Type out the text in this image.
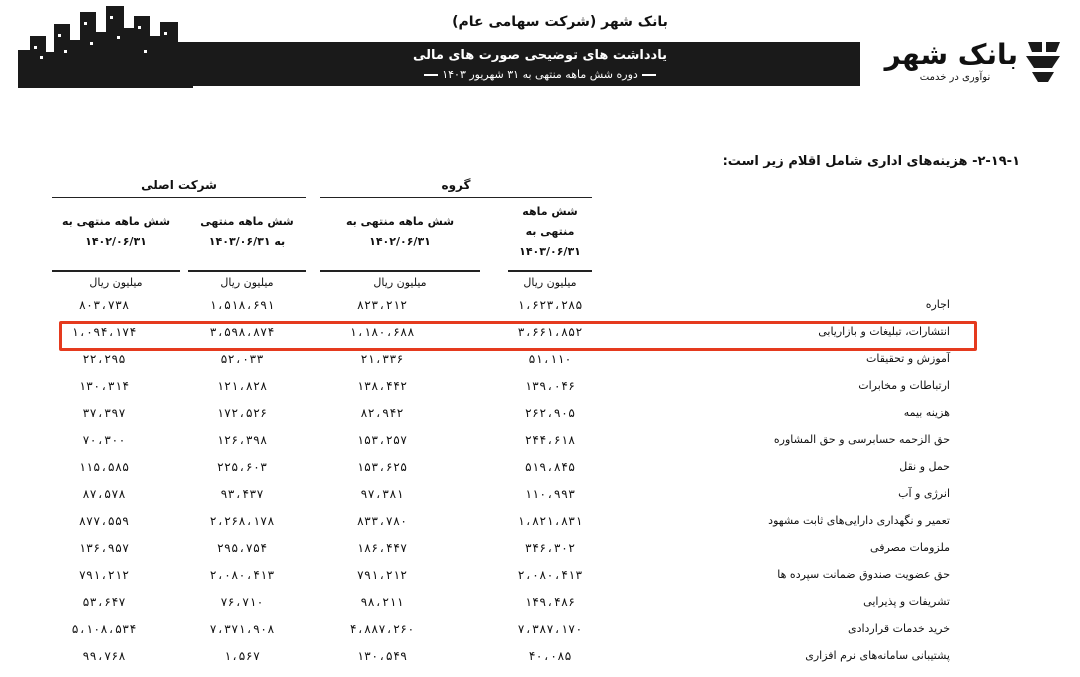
بانک شهر (شرکت سهامی عام)
یادداشت های توضیحی صورت های مالی
دوره شش ماهه منتهی به ۳۱ شهریور ۱۴۰۳
بانک شهر
نوآوری در خدمت
۲-۱۹-۱- هزینه‌های اداری شامل اقلام زیر است:
گروه
شرکت اصلی
شش ماهه
منتهی به
۱۴۰۳/۰۶/۳۱
شش ماهه منتهی به
۱۴۰۲/۰۶/۳۱
شش ماهه منتهی
به ۱۴۰۳/۰۶/۳۱
شش ماهه منتهی به
۱۴۰۲/۰۶/۳۱
میلیون ریال
میلیون ریال
میلیون ریال
میلیون ریال
اجاره
۱،۶۲۳،۲۸۵
۸۲۳،۲۱۲
۱،۵۱۸،۶۹۱
۸۰۳،۷۳۸
انتشارات، تبلیغات و بازاریابی
۳،۶۶۱،۸۵۲
۱،۱۸۰،۶۸۸
۳،۵۹۸،۸۷۴
۱،۰۹۴،۱۷۴
آموزش و تحقیقات
۵۱،۱۱۰
۲۱،۳۳۶
۵۲،۰۳۳
۲۲،۲۹۵
ارتباطات و مخابرات
۱۳۹،۰۴۶
۱۳۸،۴۴۲
۱۲۱،۸۲۸
۱۳۰،۳۱۴
هزینه بیمه
۲۶۲،۹۰۵
۸۲،۹۴۲
۱۷۲،۵۲۶
۳۷،۳۹۷
حق الزحمه حسابرسی و حق المشاوره
۲۴۴،۶۱۸
۱۵۳،۲۵۷
۱۲۶،۳۹۸
۷۰،۳۰۰
حمل و نقل
۵۱۹،۸۴۵
۱۵۳،۶۲۵
۲۲۵،۶۰۳
۱۱۵،۵۸۵
انرژی و آب
۱۱۰،۹۹۳
۹۷،۳۸۱
۹۳،۴۳۷
۸۷،۵۷۸
تعمیر و نگهداری دارایی‌های ثابت مشهود
۱،۸۲۱،۸۳۱
۸۳۳،۷۸۰
۲،۲۶۸،۱۷۸
۸۷۷،۵۵۹
ملزومات مصرفی
۳۴۶،۳۰۲
۱۸۶،۴۴۷
۲۹۵،۷۵۴
۱۳۶،۹۵۷
حق عضویت صندوق ضمانت سپرده ها
۲،۰۸۰،۴۱۳
۷۹۱،۲۱۲
۲،۰۸۰،۴۱۳
۷۹۱،۲۱۲
تشریفات و پذیرایی
۱۴۹،۴۸۶
۹۸،۲۱۱
۷۶،۷۱۰
۵۳،۶۴۷
خرید خدمات قراردادی
۷،۳۸۷،۱۷۰
۴،۸۸۷،۲۶۰
۷،۳۷۱،۹۰۸
۵،۱۰۸،۵۳۴
پشتیبانی سامانه‌های نرم افزاری
۴۰،۰۸۵
۱۳۰،۵۴۹
۱،۵۶۷
۹۹،۷۶۸
